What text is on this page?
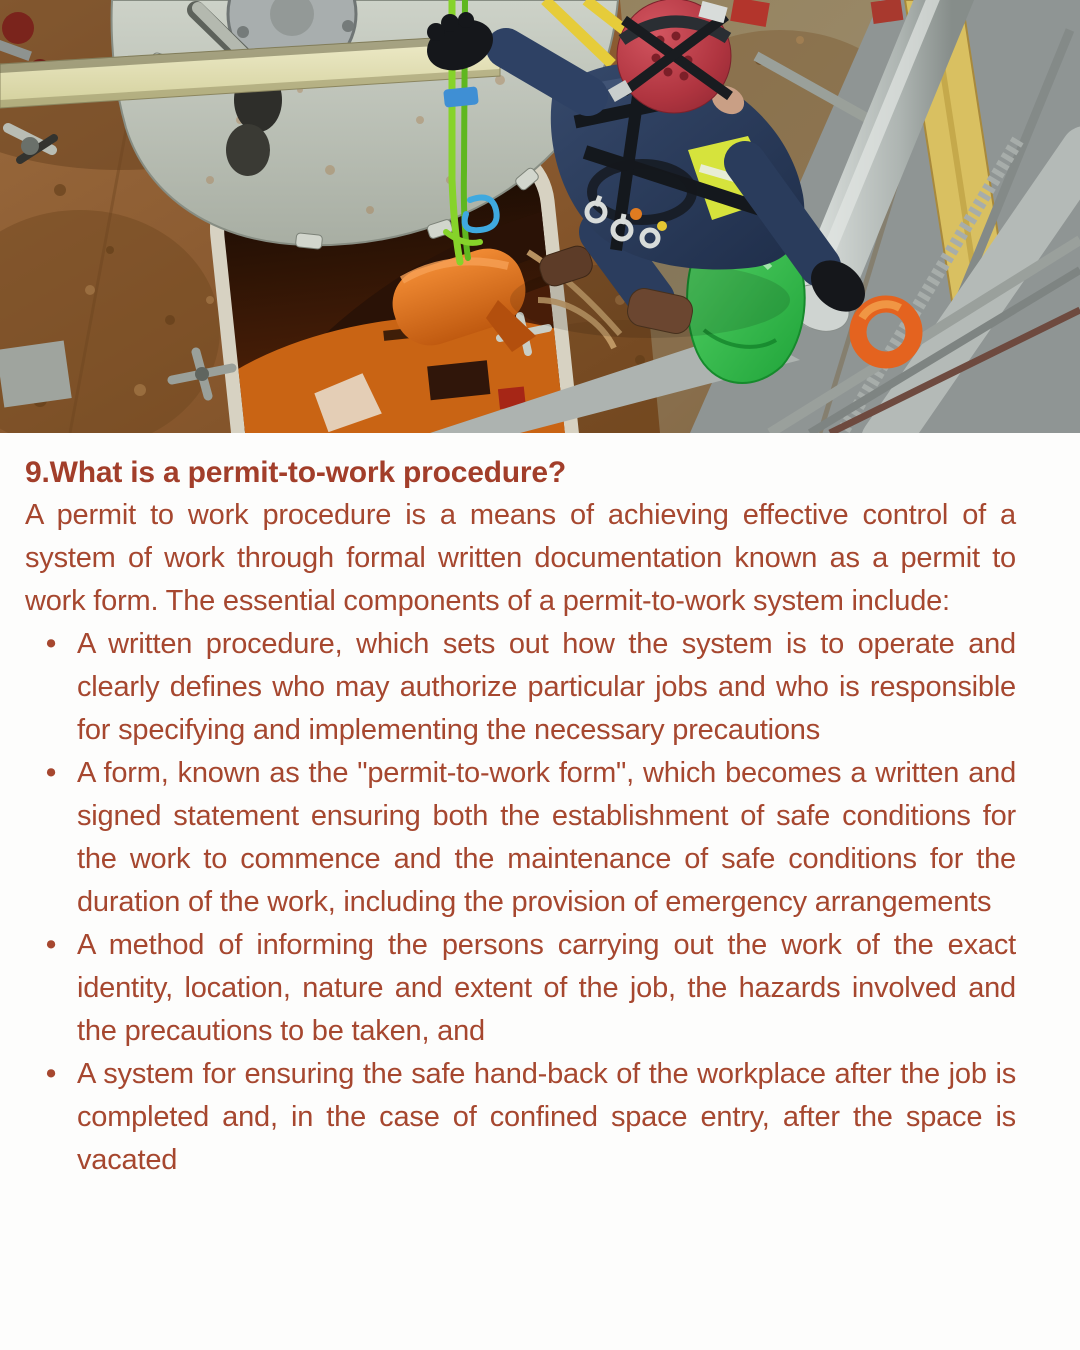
9.What is a permit-to-work procedure?

A permit to work procedure is a means of achieving effective control of a system of work through formal written documentation known as a permit to work form. The essential components of a permit-to-work system include:

• A written procedure, which sets out how the system is to operate and clearly defines who may authorize particular jobs and who is responsible for specifying and implementing the necessary precautions
• A form, known as the "permit-to-work form", which becomes a written and signed statement ensuring both the establishment of safe conditions for the work to commence and the maintenance of safe conditions for the duration of the work, including the provision of emergency arrangements
• A method of informing the persons carrying out the work of the exact identity, location, nature and extent of the job, the hazards involved and the precautions to be taken, and
• A system for ensuring the safe hand-back of the workplace after the job is completed and, in the case of confined space entry, after the space is vacated
